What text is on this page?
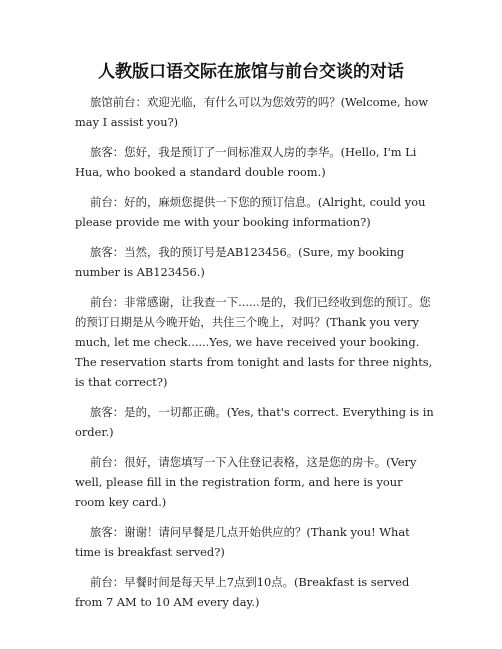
人教版口语交际在旅馆与前台交谈的对话

旅馆前台：欢迎光临，有什么可以为您效劳的吗？(Welcome, how may I assist you?)

旅客：您好，我是预订了一间标准双人房的李华。(Hello, I'm Li Hua, who booked a standard double room.)

前台：好的，麻烦您提供一下您的预订信息。(Alright, could you please provide me with your booking information?)

旅客：当然，我的预订号是AB123456。(Sure, my booking number is AB123456.)

前台：非常感谢，让我查一下......是的，我们已经收到您的预订。您的预订日期是从今晚开始，共住三个晚上，对吗？(Thank you very much, let me check......Yes, we have received your booking. The reservation starts from tonight and lasts for three nights, is that correct?)

旅客：是的，一切都正确。(Yes, that's correct. Everything is in order.)

前台：很好，请您填写一下入住登记表格，这是您的房卡。(Very well, please fill in the registration form, and here is your room key card.)

旅客：谢谢！请问早餐是几点开始供应的？(Thank you! What time is breakfast served?)

前台：早餐时间是每天早上7点到10点。(Breakfast is served from 7 AM to 10 AM every day.)
